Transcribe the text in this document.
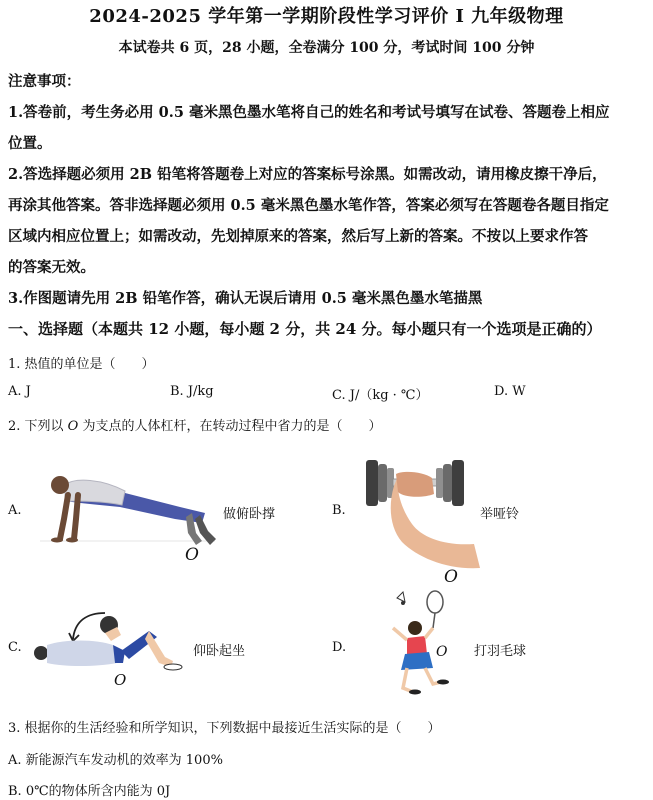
2024-2025 学年第一学期阶段性学习评价 I 九年级物理
本试卷共 6 页，28 小题，全卷满分 100 分，考试时间 100 分钟
注意事项：
1.答卷前，考生务必用 0.5 毫米黑色墨水笔将自己的姓名和考试号填写在试卷、答题卷上相应
位置。
2.答选择题必须用 2B 铅笔将答题卷上对应的答案标号涂黑。如需改动，请用橡皮擦干净后，
再涂其他答案。答非选择题必须用 0.5 毫米黑色墨水笔作答，答案必须写在答题卷各题目指定
区域内相应位置上；如需改动，先划掉原来的答案，然后写上新的答案。不按以上要求作答
的答案无效。
3.作图题请先用 2B 铅笔作答，确认无误后请用 0.5 毫米黑色墨水笔描黑
一、选择题（本题共 12 小题，每小题 2 分，共 24 分。每小题只有一个选项是正确的）
1. 热值的单位是（　　）
A. J	B. J/kg	C. J/（kg · ℃）	D. W
2. 下列以 O 为支点的人体杠杆，在转动过程中省力的是（　　）
A.
O
做俯卧撑	B.
O
举哑铃
C.
O
仰卧起坐	D.	O 打羽毛球
3. 根据你的生活经验和所学知识，下列数据中最接近生活实际的是（　　）
A. 新能源汽车发动机的效率为 100%
B. 0℃的物体所含内能为 0J
